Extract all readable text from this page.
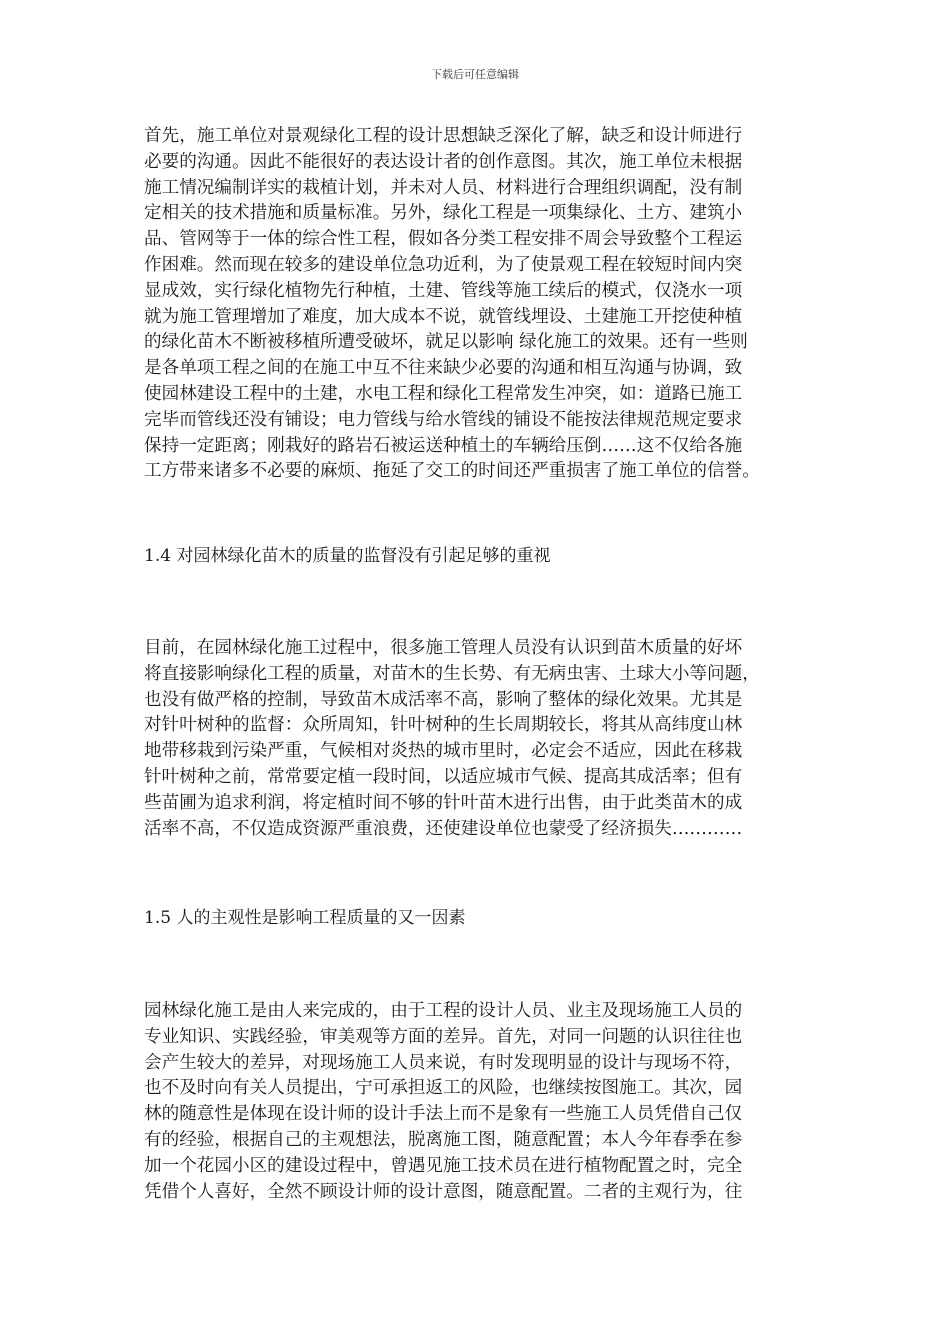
下载后可任意编辑
首先，施工单位对景观绿化工程的设计思想缺乏深化了解，缺乏和设计师进行
必要的沟通。因此不能很好的表达设计者的创作意图。其次，施工单位未根据
施工情况编制详实的栽植计划，并未对人员、材料进行合理组织调配，没有制
定相关的技术措施和质量标准。另外，绿化工程是一项集绿化、土方、建筑小
品、管网等于一体的综合性工程，假如各分类工程安排不周会导致整个工程运
作困难。然而现在较多的建设单位急功近利，为了使景观工程在较短时间内突
显成效，实行绿化植物先行种植，土建、管线等施工续后的模式，仅浇水一项
就为施工管理增加了难度，加大成本不说，就管线埋设、土建施工开挖使种植
的绿化苗木不断被移植所遭受破坏，就足以影响 绿化施工的效果。还有一些则
是各单项工程之间的在施工中互不往来缺少必要的沟通和相互沟通与协调，致
使园林建设工程中的土建，水电工程和绿化工程常发生冲突，如：道路已施工
完毕而管线还没有铺设；电力管线与给水管线的铺设不能按法律规范规定要求
保持一定距离；刚栽好的路岩石被运送种植土的车辆给压倒……这不仅给各施
工方带来诸多不必要的麻烦、拖延了交工的时间还严重损害了施工单位的信誉。
1.4 对园林绿化苗木的质量的监督没有引起足够的重视
目前，在园林绿化施工过程中，很多施工管理人员没有认识到苗木质量的好坏
将直接影响绿化工程的质量，对苗木的生长势、有无病虫害、土球大小等问题，
也没有做严格的控制，导致苗木成活率不高，影响了整体的绿化效果。尤其是
对针叶树种的监督：众所周知，针叶树种的生长周期较长，将其从高纬度山林
地带移栽到污染严重，气候相对炎热的城市里时，必定会不适应，因此在移栽
针叶树种之前，常常要定植一段时间，以适应城市气候、提高其成活率；但有
些苗圃为追求利润，将定植时间不够的针叶苗木进行出售，由于此类苗木的成
活率不高，不仅造成资源严重浪费，还使建设单位也蒙受了经济损失…………
1.5 人的主观性是影响工程质量的又一因素
园林绿化施工是由人来完成的，由于工程的设计人员、业主及现场施工人员的
专业知识、实践经验，审美观等方面的差异。首先，对同一问题的认识往往也
会产生较大的差异，对现场施工人员来说，有时发现明显的设计与现场不符，
也不及时向有关人员提出，宁可承担返工的风险，也继续按图施工。其次，园
林的随意性是体现在设计师的设计手法上而不是象有一些施工人员凭借自己仅
有的经验，根据自己的主观想法，脱离施工图，随意配置；本人今年春季在参
加一个花园小区的建设过程中，曾遇见施工技术员在进行植物配置之时，完全
凭借个人喜好，全然不顾设计师的设计意图，随意配置。二者的主观行为，往
